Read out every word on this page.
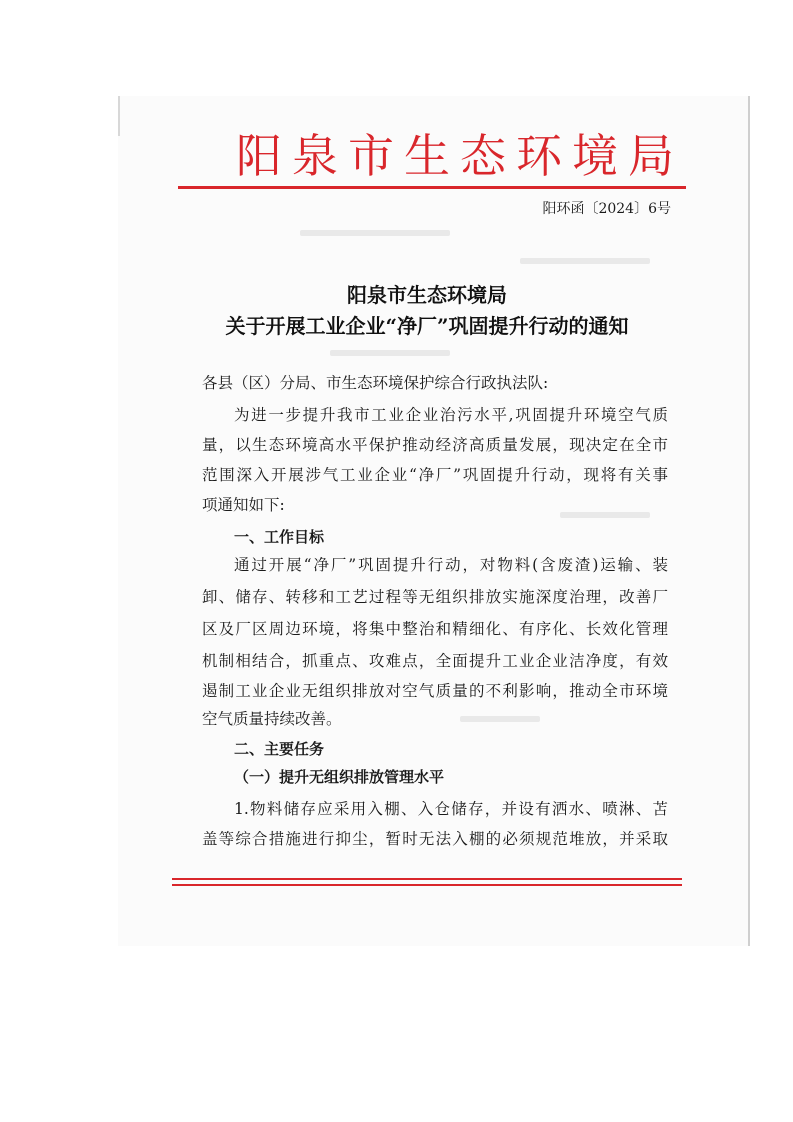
阳泉市生态环境局
阳环函〔2024〕6号
阳泉市生态环境局
关于开展工业企业“净厂”巩固提升行动的通知
各县（区）分局、市生态环境保护综合行政执法队:
为进一步提升我市工业企业治污水平,巩固提升环境空气质
量，以生态环境高水平保护推动经济高质量发展，现决定在全市
范围深入开展涉气工业企业“净厂”巩固提升行动，现将有关事
项通知如下:
一、工作目标
通过开展“净厂”巩固提升行动，对物料(含废渣)运输、装
卸、储存、转移和工艺过程等无组织排放实施深度治理，改善厂
区及厂区周边环境，将集中整治和精细化、有序化、长效化管理
机制相结合，抓重点、攻难点，全面提升工业企业洁净度，有效
遏制工业企业无组织排放对空气质量的不利影响，推动全市环境
空气质量持续改善。
二、主要任务
（一）提升无组织排放管理水平
1.物料储存应采用入棚、入仓储存，并设有洒水、喷淋、苫
盖等综合措施进行抑尘，暂时无法入棚的必须规范堆放，并采取
